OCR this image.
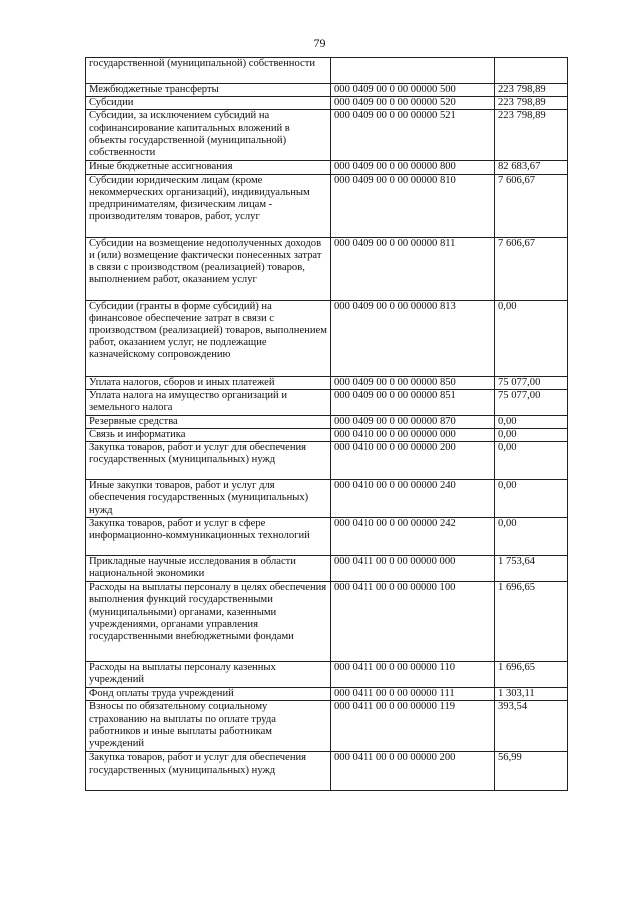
79
государственной (муниципальной) собственности		
Межбюджетные трансферты	000 0409 00 0 00 00000 500	223 798,89
Субсидии	000 0409 00 0 00 00000 520	223 798,89
Субсидии, за исключением субсидий на софинансирование капитальных вложений в объекты государственной (муниципальной) собственности	000 0409 00 0 00 00000 521	223 798,89
Иные бюджетные ассигнования	000 0409 00 0 00 00000 800	82 683,67
Субсидии юридическим лицам (кроме некоммерческих организаций), индивидуальным предпринимателям, физическим лицам - производителям товаров, работ, услуг	000 0409 00 0 00 00000 810	7 606,67
Субсидии на возмещение недополученных доходов и (или) возмещение фактически понесенных затрат в связи с производством (реализацией) товаров, выполнением работ, оказанием услуг	000 0409 00 0 00 00000 811	7 606,67
Субсидии (гранты в форме субсидий) на финансовое обеспечение затрат в связи с производством (реализацией) товаров, выполнением работ, оказанием услуг, не подлежащие казначейскому сопровождению	000 0409 00 0 00 00000 813	0,00
Уплата налогов, сборов и иных платежей	000 0409 00 0 00 00000 850	75 077,00
Уплата налога на имущество организаций и земельного налога	000 0409 00 0 00 00000 851	75 077,00
Резервные средства	000 0409 00 0 00 00000 870	0,00
Связь и информатика	000 0410 00 0 00 00000 000	0,00
Закупка товаров, работ и услуг для обеспечения государственных (муниципальных) нужд	000 0410 00 0 00 00000 200	0,00
Иные закупки товаров, работ и услуг для обеспечения государственных (муниципальных) нужд	000 0410 00 0 00 00000 240	0,00
Закупка товаров, работ и услуг в сфере информационно-коммуникационных технологий	000 0410 00 0 00 00000 242	0,00
Прикладные научные исследования в области национальной экономики	000 0411 00 0 00 00000 000	1 753,64
Расходы на выплаты персоналу в целях обеспечения выполнения функций государственными (муниципальными) органами, казенными учреждениями, органами управления государственными внебюджетными фондами	000 0411 00 0 00 00000 100	1 696,65
Расходы на выплаты персоналу казенных учреждений	000 0411 00 0 00 00000 110	1 696,65
Фонд оплаты труда учреждений	000 0411 00 0 00 00000 111	1 303,11
Взносы по обязательному социальному страхованию на выплаты по оплате труда работников и иные выплаты работникам учреждений	000 0411 00 0 00 00000 119	393,54
Закупка товаров, работ и услуг для обеспечения государственных (муниципальных) нужд	000 0411 00 0 00 00000 200	56,99
